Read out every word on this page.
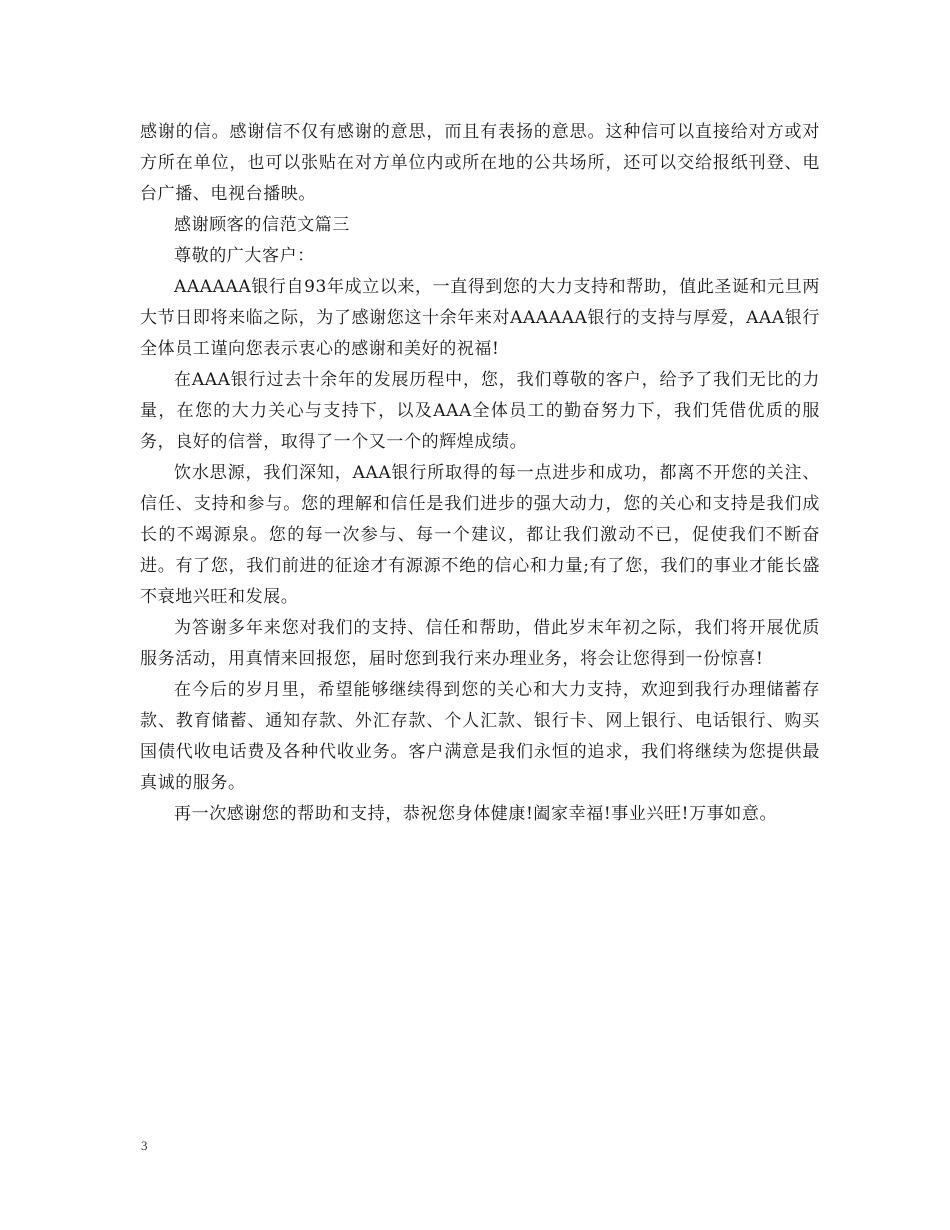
感谢的信。感谢信不仅有感谢的意思，而且有表扬的意思。这种信可以直接给对方或对方所在单位，也可以张贴在对方单位内或所在地的公共场所，还可以交给报纸刊登、电台广播、电视台播映。

感谢顾客的信范文篇三

尊敬的广大客户：

AAAAAA银行自93年成立以来，一直得到您的大力支持和帮助，值此圣诞和元旦两大节日即将来临之际，为了感谢您这十余年来对AAAAAA银行的支持与厚爱，AAA银行全体员工谨向您表示衷心的感谢和美好的祝福!

在AAA银行过去十余年的发展历程中，您，我们尊敬的客户，给予了我们无比的力量，在您的大力关心与支持下，以及AAA全体员工的勤奋努力下，我们凭借优质的服务，良好的信誉，取得了一个又一个的辉煌成绩。

饮水思源，我们深知，AAA银行所取得的每一点进步和成功，都离不开您的关注、信任、支持和参与。您的理解和信任是我们进步的强大动力，您的关心和支持是我们成长的不竭源泉。您的每一次参与、每一个建议，都让我们激动不已，促使我们不断奋进。有了您，我们前进的征途才有源源不绝的信心和力量;有了您，我们的事业才能长盛不衰地兴旺和发展。

为答谢多年来您对我们的支持、信任和帮助，借此岁末年初之际，我们将开展优质服务活动，用真情来回报您，届时您到我行来办理业务，将会让您得到一份惊喜!

在今后的岁月里，希望能够继续得到您的关心和大力支持，欢迎到我行办理储蓄存款、教育储蓄、通知存款、外汇存款、个人汇款、银行卡、网上银行、电话银行、购买国债代收电话费及各种代收业务。客户满意是我们永恒的追求，我们将继续为您提供最真诚的服务。

再一次感谢您的帮助和支持，恭祝您身体健康!阖家幸福!事业兴旺!万事如意。

3
